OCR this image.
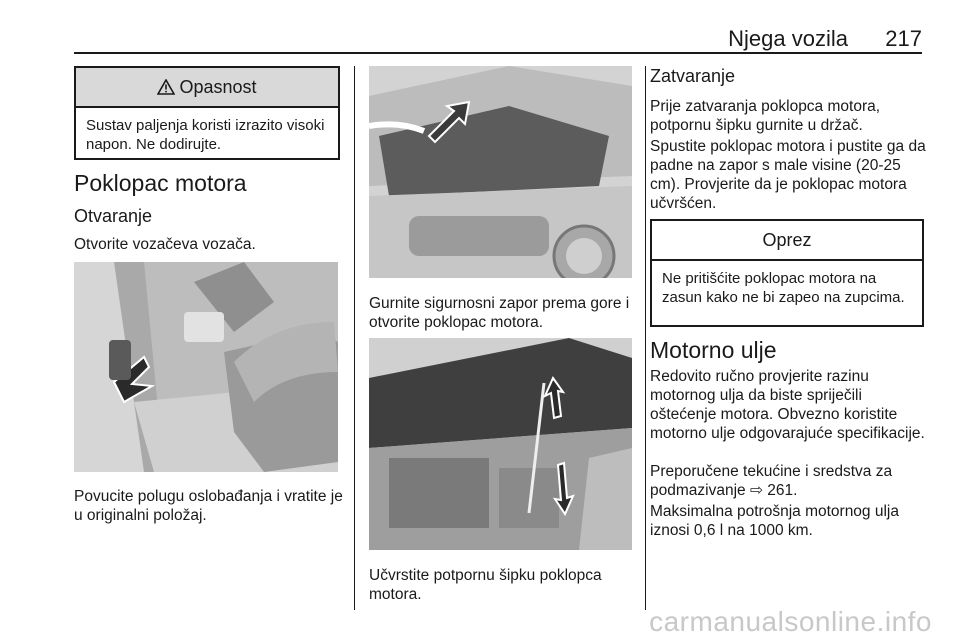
Njega vozila 217
Opasnost
Sustav paljenja koristi izrazito visoki napon. Ne dodirujte.
Poklopac motora
Otvaranje

Otvorite vozačeva vozača.

Povucite polugu oslobađanja i vratite je u originalni položaj.

Gurnite sigurnosni zapor prema gore i otvorite poklopac motora.

Učvrstite potpornu šipku poklopca motora.

Zatvaranje

Prije zatvaranja poklopca motora, potpornu šipku gurnite u držač.

Spustite poklopac motora i pustite ga da padne na zapor s male visine (20-25 cm). Provjerite da je poklopac motora učvršćen.

Oprez
Ne pritišćite poklopac motora na zasun kako ne bi zapeo na zupcima.
Motorno ulje

Redovito ručno provjerite razinu motornog ulja da biste spriječili oštećenje motora. Obvezno koristite motorno ulje odgovarajuće specifikacije.

Preporučene tekućine i sredstva za podmazivanje ⇨ 261.

Maksimalna potrošnja motornog ulja iznosi 0,6 l na 1000 km.

carmanualsonline.info
